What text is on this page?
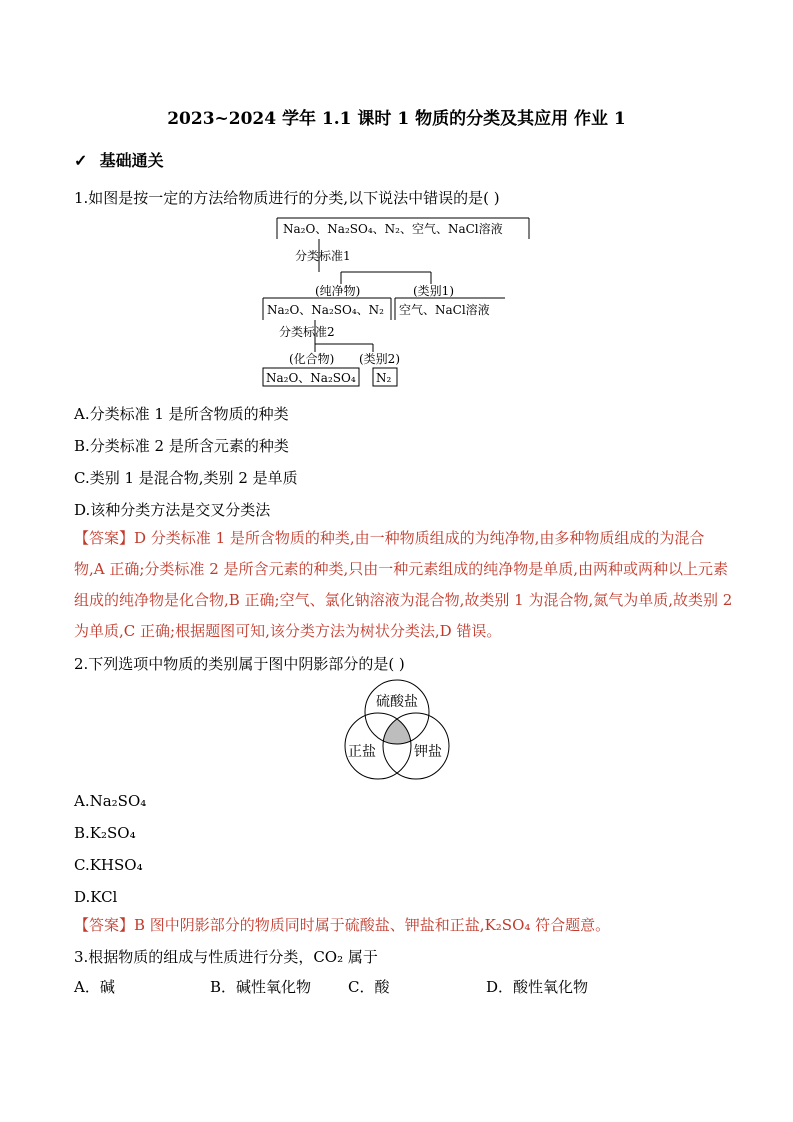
2023~2024 学年 1.1 课时 1 物质的分类及其应用 作业 1
✓ 基础通关
1.如图是按一定的方法给物质进行的分类,以下说法中错误的是( )
Na₂O、Na₂SO₄、N₂、空气、NaCl溶液
分类标准1
(纯净物)	(类别1)
Na₂O、Na₂SO₄、N₂ 空气、NaCl溶液
分类标准2
(化合物) (类别2)
Na₂O、Na₂SO₄ N₂
A.分类标准 1 是所含物质的种类
B.分类标准 2 是所含元素的种类
C.类别 1 是混合物,类别 2 是单质
D.该种分类方法是交叉分类法
【答案】D 分类标准 1 是所含物质的种类,由一种物质组成的为纯净物,由多种物质组成的为混合物,A 正确;分类标准 2 是所含元素的种类,只由一种元素组成的纯净物是单质,由两种或两种以上元素组成的纯净物是化合物,B 正确;空气、氯化钠溶液为混合物,故类别 1 为混合物,氮气为单质,故类别 2 为单质,C 正确;根据题图可知,该分类方法为树状分类法,D 错误。
2.下列选项中物质的类别属于图中阴影部分的是( )
硫酸盐
正盐	钾盐
A.Na₂SO₄
B.K₂SO₄
C.KHSO₄
D.KCl
【答案】B 图中阴影部分的物质同时属于硫酸盐、钾盐和正盐,K₂SO₄ 符合题意。
3.根据物质的组成与性质进行分类，CO₂ 属于
A．碱	B．碱性氧化物 C．酸	D．酸性氧化物
